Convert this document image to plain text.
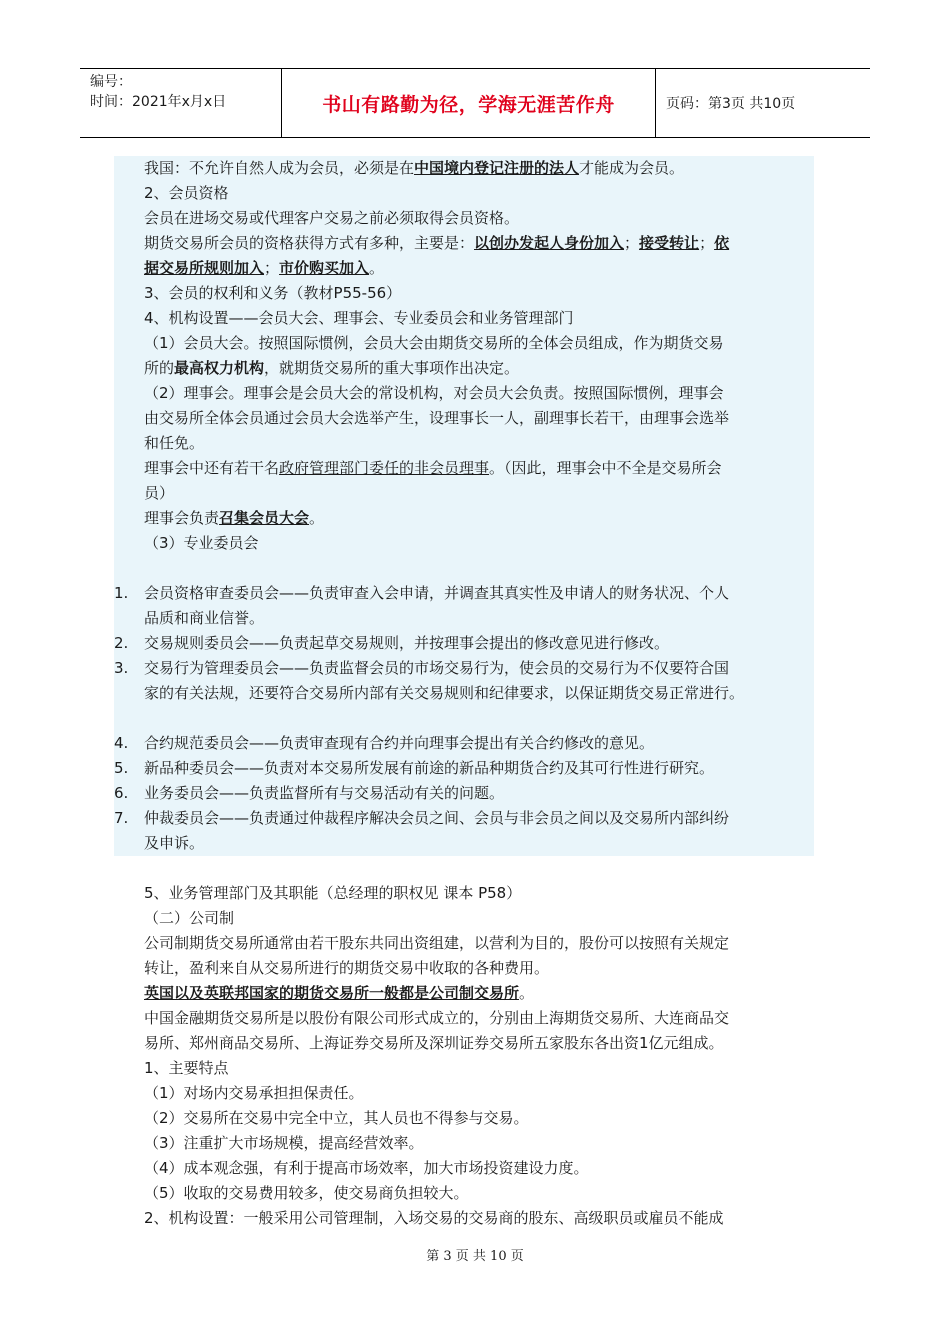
编号：
时间：2021年x月x日	书山有路勤为径，学海无涯苦作舟	页码：第3页 共10页
我国：不允许自然人成为会员，必须是在中国境内登记注册的法人才能成为会员。
2、会员资格
会员在进场交易或代理客户交易之前必须取得会员资格。
期货交易所会员的资格获得方式有多种，主要是：以创办发起人身份加入；接受转让；依
据交易所规则加入；市价购买加入。
3、会员的权利和义务（教材P55-56）
4、机构设置——会员大会、理事会、专业委员会和业务管理部门
（1）会员大会。按照国际惯例，会员大会由期货交易所的全体会员组成，作为期货交易
所的最高权力机构，就期货交易所的重大事项作出决定。
（2）理事会。理事会是会员大会的常设机构，对会员大会负责。按照国际惯例，理事会
由交易所全体会员通过会员大会选举产生，设理事长一人，副理事长若干，由理事会选举
和任免。
理事会中还有若干名政府管理部门委任的非会员理事。（因此，理事会中不全是交易所会
员）
理事会负责召集会员大会。
（3）专业委员会
1.	会员资格审查委员会——负责审查入会申请，并调查其真实性及申请人的财务状况、个人
品质和商业信誉。
2.	交易规则委员会——负责起草交易规则，并按理事会提出的修改意见进行修改。
3.	交易行为管理委员会——负责监督会员的市场交易行为，使会员的交易行为不仅要符合国
家的有关法规，还要符合交易所内部有关交易规则和纪律要求，以保证期货交易正常进行。
4.	合约规范委员会——负责审查现有合约并向理事会提出有关合约修改的意见。
5.	新品种委员会——负责对本交易所发展有前途的新品种期货合约及其可行性进行研究。
6.	业务委员会——负责监督所有与交易活动有关的问题。
7.	仲裁委员会——负责通过仲裁程序解决会员之间、会员与非会员之间以及交易所内部纠纷
及申诉。
5、业务管理部门及其职能（总经理的职权见 课本 P58）
（二）公司制
公司制期货交易所通常由若干股东共同出资组建，以营利为目的，股份可以按照有关规定
转让，盈利来自从交易所进行的期货交易中收取的各种费用。
英国以及英联邦国家的期货交易所一般都是公司制交易所。
中国金融期货交易所是以股份有限公司形式成立的，分别由上海期货交易所、大连商品交
易所、郑州商品交易所、上海证券交易所及深圳证券交易所五家股东各出资1亿元组成。
1、主要特点
（1）对场内交易承担担保责任。
（2）交易所在交易中完全中立，其人员也不得参与交易。
（3）注重扩大市场规模，提高经营效率。
（4）成本观念强，有利于提高市场效率，加大市场投资建设力度。
（5）收取的交易费用较多，使交易商负担较大。
2、机构设置：一般采用公司管理制，入场交易的交易商的股东、高级职员或雇员不能成
第 3 页 共 10 页
